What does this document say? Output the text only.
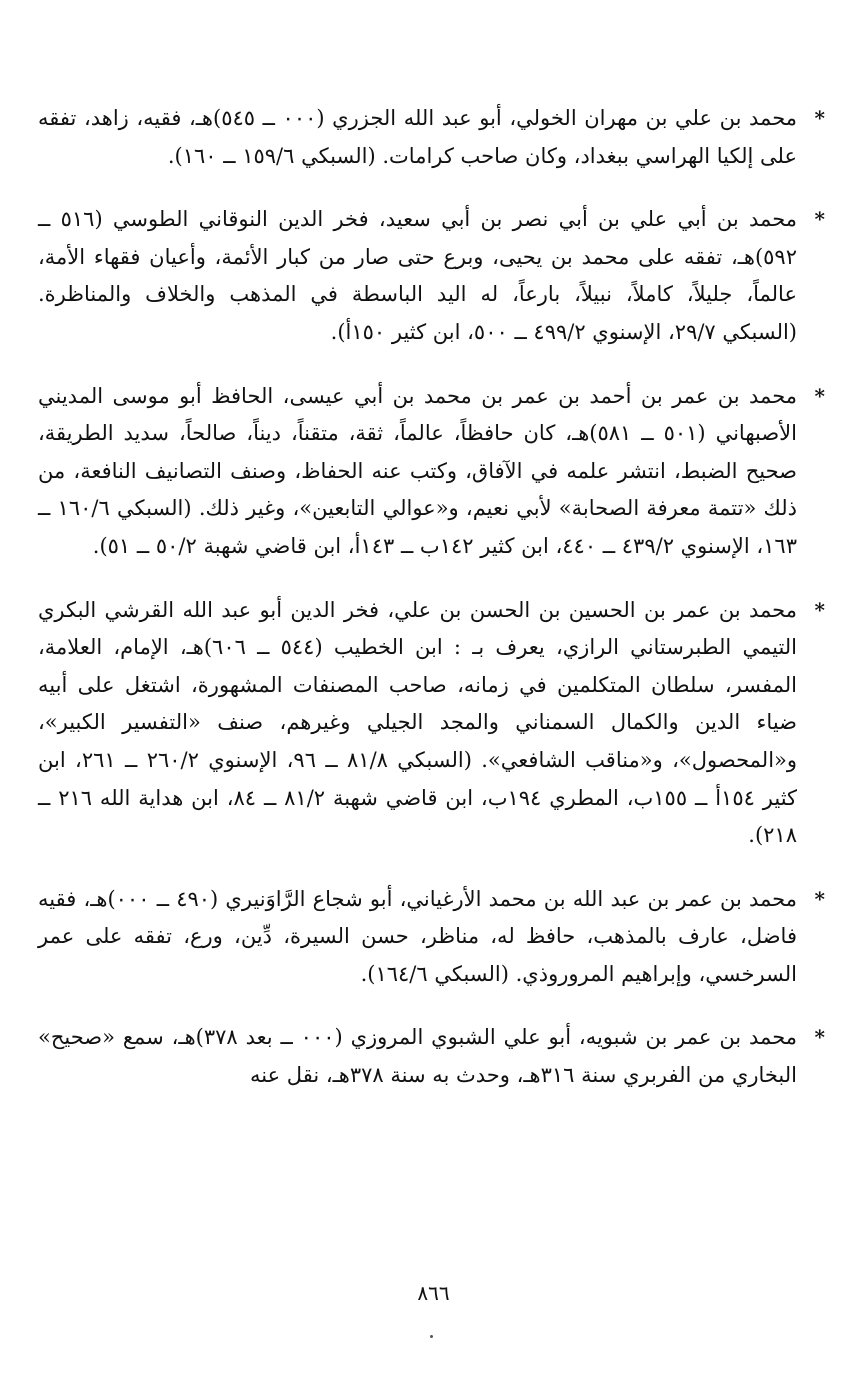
*
محمد بن علي بن مهران الخولي، أبو عبد الله الجزري (٠٠٠ ــ ٥٤٥)هـ، فقيه، زاهد، تفقه على إلكيا الهراسي ببغداد، وكان صاحب كرامات. (السبكي ١٥٩/٦ ــ ١٦٠).
*
محمد بن أبي علي بن أبي نصر بن أبي سعيد، فخر الدين النوقاني الطوسي (٥١٦ ــ ٥٩٢)هـ، تفقه على محمد بن يحيى، وبرع حتى صار من كبار الأئمة، وأعيان فقهاء الأمة، عالماً، جليلاً، كاملاً، نبيلاً، بارعاً، له اليد الباسطة في المذهب والخلاف والمناظرة. (السبكي ٢٩/٧، الإسنوي ٤٩٩/٢ ــ ٥٠٠، ابن كثير ١٥٠أ).
*
محمد بن عمر بن أحمد بن عمر بن محمد بن أبي عيسى، الحافظ أبو موسى المديني الأصبهاني (٥٠١ ــ ٥٨١)هـ، كان حافظاً، عالماً، ثقة، متقناً، ديناً، صالحاً، سديد الطريقة، صحيح الضبط، انتشر علمه في الآفاق، وكتب عنه الحفاظ، وصنف التصانيف النافعة، من ذلك «تتمة معرفة الصحابة» لأبي نعيم، و«عوالي التابعين»، وغير ذلك. (السبكي ١٦٠/٦ ــ ١٦٣، الإسنوي ٤٣٩/٢ ــ ٤٤٠، ابن كثير ١٤٢ب ــ ١٤٣أ، ابن قاضي شهبة ٥٠/٢ ــ ٥١).
*
محمد بن عمر بن الحسين بن الحسن بن علي، فخر الدين أبو عبد الله القرشي البكري التيمي الطبرستاني الرازي، يعرف بـ : ابن الخطيب (٥٤٤ ــ ٦٠٦)هـ، الإمام، العلامة، المفسر، سلطان المتكلمين في زمانه، صاحب المصنفات المشهورة، اشتغل على أبيه ضياء الدين والكمال السمناني والمجد الجيلي وغيرهم، صنف «التفسير الكبير»، و«المحصول»، و«مناقب الشافعي». (السبكي ٨١/٨ ــ ٩٦، الإسنوي ٢٦٠/٢ ــ ٢٦١، ابن كثير ١٥٤أ ــ ١٥٥ب، المطري ١٩٤ب، ابن قاضي شهبة ٨١/٢ ــ ٨٤، ابن هداية الله ٢١٦ ــ ٢١٨).
*
محمد بن عمر بن عبد الله بن محمد الأرغياني، أبو شجاع الرَّاوَنيري (٤٩٠ ــ ٠٠٠)هـ، فقيه فاضل، عارف بالمذهب، حافظ له، مناظر، حسن السيرة، دِّين، ورع، تفقه على عمر السرخسي، وإبراهيم المروروذي. (السبكي ١٦٤/٦).
*
محمد بن عمر بن شبويه، أبو علي الشبوي المروزي (٠٠٠ ــ بعد ٣٧٨)هـ، سمع «صحيح» البخاري من الفربري سنة ٣١٦هـ، وحدث به سنة ٣٧٨هـ، نقل عنه
٨٦٦
